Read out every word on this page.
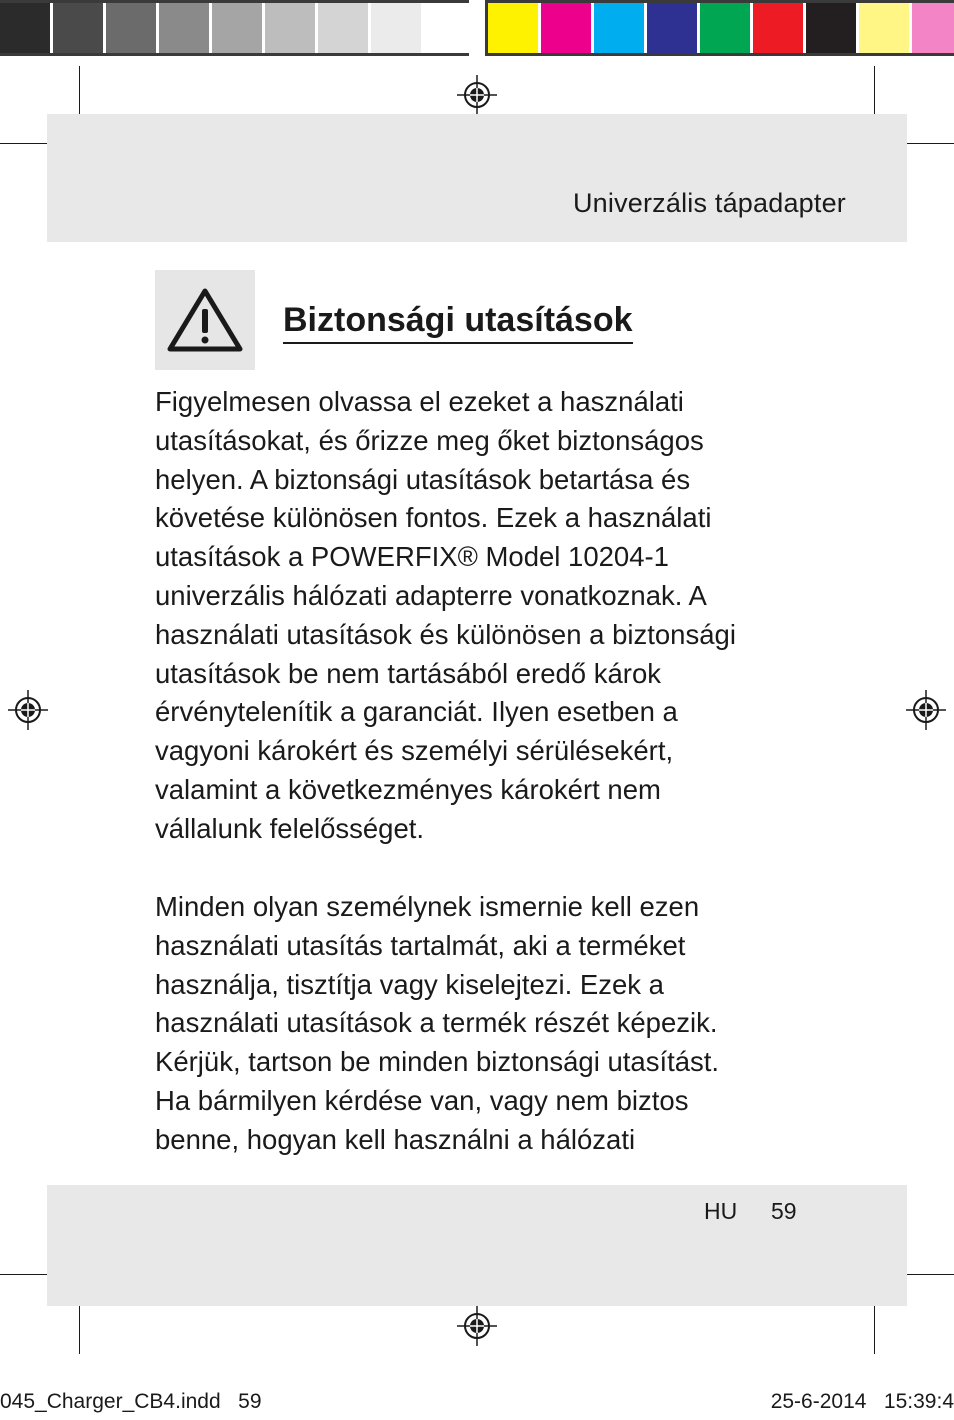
Univerzális tápadapter
Biztonsági utasítások
Figyelmesen olvassa el ezeket a használati
utasításokat, és őrizze meg őket biztonságos
helyen. A biztonsági utasítások betartása és
követése különösen fontos. Ezek a használati
utasítások a POWERFIX® Model 10204-1
univerzális hálózati adapterre vonatkoznak. A
használati utasítások és különösen a biztonsági
utasítások be nem tartásából eredő károk
érvénytelenítik a garanciát. Ilyen esetben a
vagyoni károkért és személyi sérülésekért,
valamint a következményes károkért nem
vállalunk felelősséget.
Minden olyan személynek ismernie kell ezen
használati utasítás tartalmát, aki a terméket
használja, tisztítja vagy kiselejtezi. Ezek a
használati utasítások a termék részét képezik.
Kérjük, tartson be minden biztonsági utasítást.
Ha bármilyen kérdése van, vagy nem biztos
benne, hogyan kell használni a hálózati
HU 59
045_Charger_CB4.indd   59	25-6-2014   15:39:4
